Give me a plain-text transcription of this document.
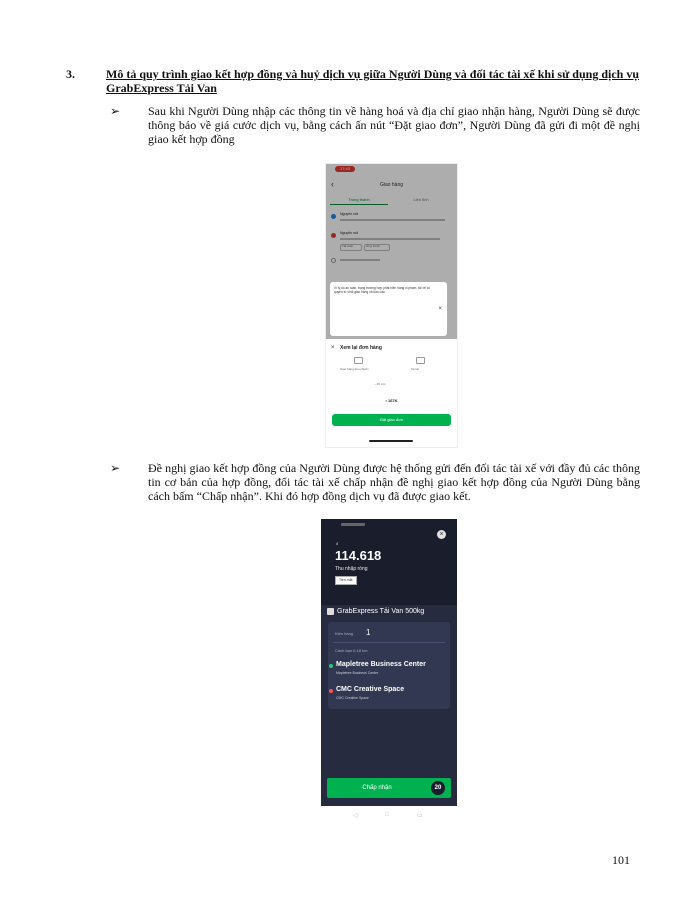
3.	Mô tả quy trình giao kết hợp đồng và huỷ dịch vụ giữa Người Dùng và đối tác tài xế khi sử dụng dịch vụ GrabExpress Tải Van
➢ Sau khi Người Dùng nhập các thông tin về hàng hoá và địa chỉ giao nhận hàng, Người Dùng sẽ được thông báo về giá cước dịch vụ, bằng cách ấn nút “Đặt giao đơn”, Người Dùng đã gửi đi một đề nghị giao kết hợp đồng
17:43
‹	Giao hàng
Trong thành	Liên tỉnh
Nguyên mã
Nguyên mã
Tài xuất	Ứng trước
Vì lý do an toàn, trong trường hợp phát hiện hàng vi phạm, tài xế có quyền từ chối giao hàng và báo cáo.
×
× Xem lại đơn hàng
Giao hàng tiêu chuẩn	Xe tải
~ 46 min
• 167K
Đặt giao đơn
➢ Đề nghị giao kết hợp đồng của Người Dùng được hệ thống gửi đến đối tác tài xế với đầy đủ các thông tin cơ bản của hợp đồng, đối tác tài xế chấp nhận đề nghị giao kết hợp đồng của Người Dùng bằng cách bấm “Chấp nhận”. Khi đó hợp đồng dịch vụ đã được giao kết.
×
đ
114.618
Thu nhập ròng
Tiền mặt
GrabExpress Tải Van 500kg
Kiện hàng 1
Cách bạn 6.18 km
Mapletree Business Center
Mapletree Business Center
CMC Creative Space
CMC Creative Space
Chấp nhận	20
◁	□	▭
101
